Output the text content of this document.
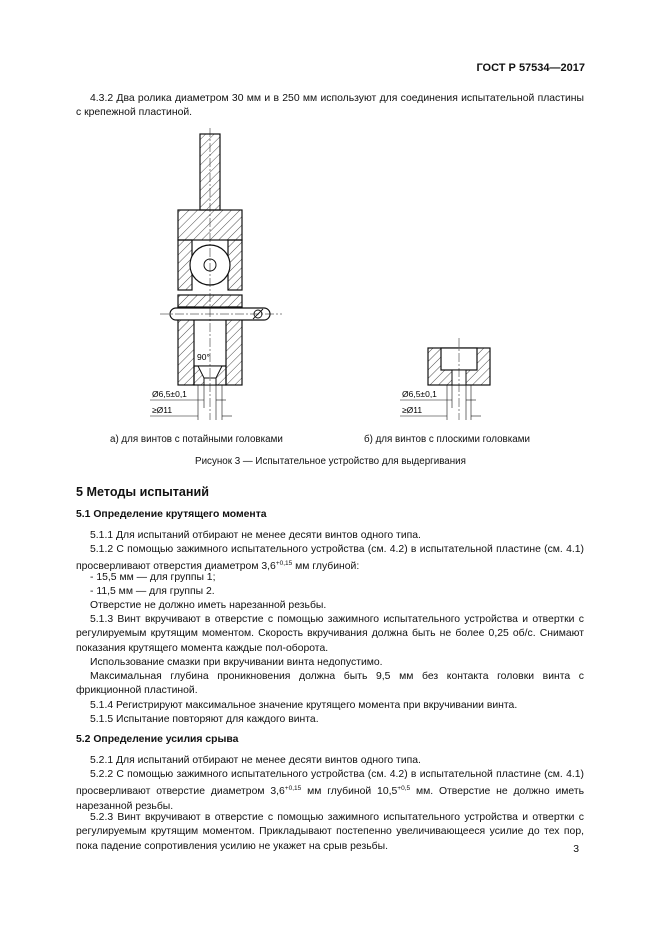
ГОСТ Р 57534—2017
4.3.2 Два ролика диаметром 30 мм и в 250 мм используют для соединения испытательной пластины с крепежной пластиной.
90°
Ø6,5±0,1
≥Ø11
Ø6,5±0,1
≥Ø11
а) для винтов с потайными головками	б) для винтов с плоскими головками
Рисунок 3 — Испытательное устройство для выдергивания
5 Методы испытаний
5.1 Определение крутящего момента
5.1.1 Для испытаний отбирают не менее десяти винтов одного типа.
5.1.2 С помощью зажимного испытательного устройства (см. 4.2) в испытательной пластине (см. 4.1) просверливают отверстия диаметром $3,6^{+0,15}$ мм глубиной:
- 15,5 мм — для группы 1;
- 11,5 мм — для группы 2.
Отверстие не должно иметь нарезанной резьбы.
5.1.3 Винт вкручивают в отверстие с помощью зажимного испытательного устройства и отвертки с регулируемым крутящим моментом. Скорость вкручивания должна быть не более 0,25 об/с. Снимают показания крутящего момента каждые пол-оборота.
Использование смазки при вкручивании винта недопустимо.
Максимальная глубина проникновения должна быть 9,5 мм без контакта головки винта с фрикционной пластиной.
5.1.4 Регистрируют максимальное значение крутящего момента при вкручивании винта.
5.1.5 Испытание повторяют для каждого винта.
5.2 Определение усилия срыва
5.2.1 Для испытаний отбирают не менее десяти винтов одного типа.
5.2.2 С помощью зажимного испытательного устройства (см. 4.2) в испытательной пластине (см. 4.1) просверливают отверстие диаметром $3,6^{+0,15}$ мм глубиной $10,5^{+0,5}$ мм. Отверстие не должно иметь нарезанной резьбы.
5.2.3 Винт вкручивают в отверстие с помощью зажимного испытательного устройства и отвертки с регулируемым крутящим моментом. Прикладывают постепенно увеличивающееся усилие до тех пор, пока падение сопротивления усилию не укажет на срыв резьбы.	3
